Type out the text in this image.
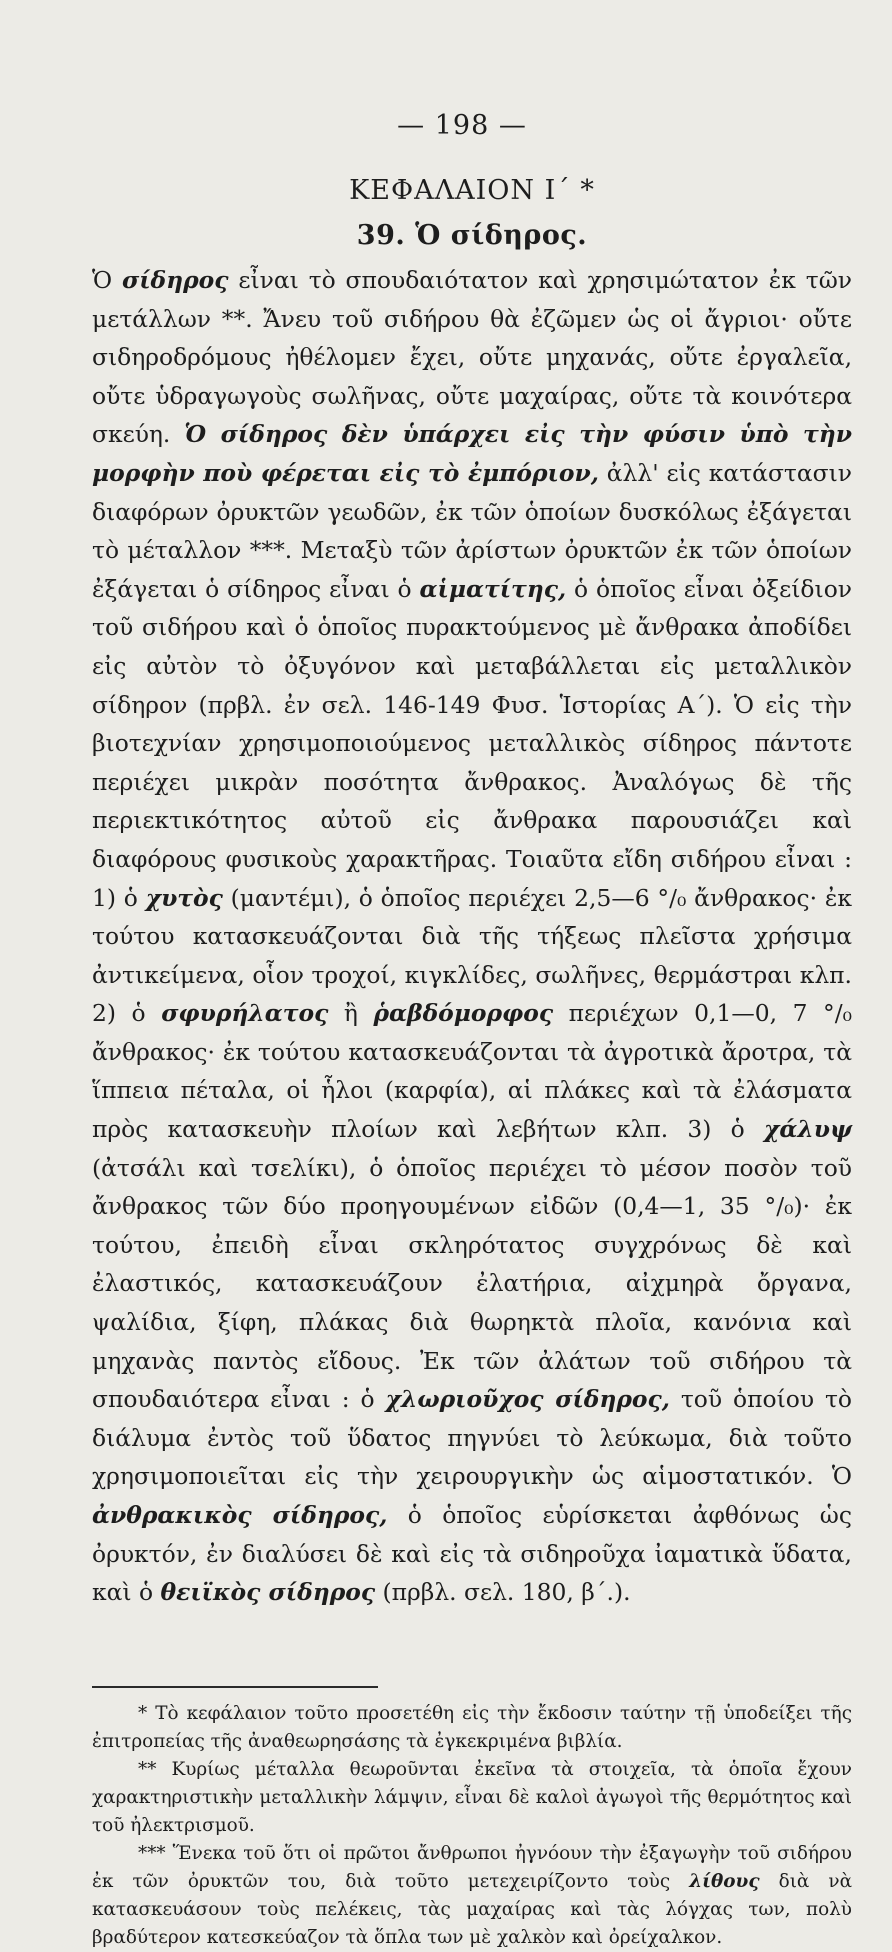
— 198 —
ΚΕΦΑΛΑΙΟΝ Ι΄ *
39. Ὁ σίδηρος.

Ὁ σίδηρος εἶναι τὸ σπουδαιότατον καὶ χρησιμώτατον ἐκ τῶν μετάλλων **. Ἄνευ τοῦ σιδήρου θὰ ἐζῶμεν ὡς οἱ ἄγριοι· οὔτε σιδηροδρόμους ἠθέλομεν ἔχει, οὔτε μηχανάς, οὔτε ἐργαλεῖα, οὔτε ὑδραγωγοὺς σωλῆνας, οὔτε μαχαίρας, οὔτε τὰ κοινότερα σκεύη. Ὁ σίδηρος δὲν ὑπάρχει εἰς τὴν φύσιν ὑπὸ τὴν μορφὴν ποὺ φέρεται εἰς τὸ ἐμπόριον, ἀλλ' εἰς κατάστασιν διαφόρων ὀρυκτῶν γεωδῶν, ἐκ τῶν ὁποίων δυσκόλως ἐξάγεται τὸ μέταλλον ***. Μεταξὺ τῶν ἀρίστων ὀρυκτῶν ἐκ τῶν ὁποίων ἐξάγεται ὁ σίδηρος εἶναι ὁ αἱματίτης, ὁ ὁποῖος εἶναι ὀξείδιον τοῦ σιδήρου καὶ ὁ ὁποῖος πυρακτούμενος μὲ ἄνθρακα ἀποδίδει εἰς αὐτὸν τὸ ὀξυγόνον καὶ μεταβάλλεται εἰς μεταλλικὸν σίδηρον (πρβλ. ἐν σελ. 146-149 Φυσ. Ἱστορίας Α΄). Ὁ εἰς τὴν βιοτεχνίαν χρησιμοποιούμενος μεταλλικὸς σίδηρος πάντοτε περιέχει μικρὰν ποσότητα ἄνθρακος. Ἀναλόγως δὲ τῆς περιεκτικότητος αὐτοῦ εἰς ἄνθρακα παρουσιάζει καὶ διαφόρους φυσικοὺς χαρακτῆρας. Τοιαῦτα εἴδη σιδήρου εἶναι : 1) ὁ χυτὸς (μαντέμι), ὁ ὁποῖος περιέχει 2,5—6 °/₀ ἄνθρακος· ἐκ τούτου κατασκευάζονται διὰ τῆς τήξεως πλεῖστα χρήσιμα ἀντικείμενα, οἷον τροχοί, κιγκλίδες, σωλῆνες, θερμάστραι κλπ. 2) ὁ σφυρήλατος ἢ ῥαβδόμορφος περιέχων 0,1—0, 7 °/₀ ἄνθρακος· ἐκ τούτου κατασκευάζονται τὰ ἀγροτικὰ ἄροτρα, τὰ ἵππεια πέταλα, οἱ ἧλοι (καρφία), αἱ πλάκες καὶ τὰ ἐλάσματα πρὸς κατασκευὴν πλοίων καὶ λεβήτων κλπ. 3) ὁ χάλυψ (ἀτσάλι καὶ τσελίκι), ὁ ὁποῖος περιέχει τὸ μέσον ποσὸν τοῦ ἄνθρακος τῶν δύο προηγουμένων εἰδῶν (0,4—1, 35 °/₀)· ἐκ τούτου, ἐπειδὴ εἶναι σκληρότατος συγχρόνως δὲ καὶ ἐλαστικός, κατασκευάζουν ἐλατήρια, αἰχμηρὰ ὄργανα, ψαλίδια, ξίφη, πλάκας διὰ θωρηκτὰ πλοῖα, κανόνια καὶ μηχανὰς παντὸς εἴδους. Ἐκ τῶν ἀλάτων τοῦ σιδήρου τὰ σπουδαιότερα εἶναι : ὁ χλωριοῦχος σίδηρος, τοῦ ὁποίου τὸ διάλυμα ἐντὸς τοῦ ὕδατος πηγνύει τὸ λεύκωμα, διὰ τοῦτο χρησιμοποιεῖται εἰς τὴν χειρουργικὴν ὡς αἱμοστατικόν. Ὁ ἀνθρακικὸς σίδηρος, ὁ ὁποῖος εὑρίσκεται ἀφθόνως ὡς ὀρυκτόν, ἐν διαλύσει δὲ καὶ εἰς τὰ σιδηροῦχα ἰαματικὰ ὕδατα, καὶ ὁ θειϊκὸς σίδηρος (πρβλ. σελ. 180, β΄.).

* Τὸ κεφάλαιον τοῦτο προσετέθη εἰς τὴν ἔκδοσιν ταύτην τῇ ὑποδείξει τῆς ἐπιτροπείας τῆς ἀναθεωρησάσης τὰ ἐγκεκριμένα βιβλία.

** Κυρίως μέταλλα θεωροῦνται ἐκεῖνα τὰ στοιχεῖα, τὰ ὁποῖα ἔχουν χαρακτηριστικὴν μεταλλικὴν λάμψιν, εἶναι δὲ καλοὶ ἀγωγοὶ τῆς θερμότητος καὶ τοῦ ἠλεκτρισμοῦ.

*** Ἕνεκα τοῦ ὅτι οἱ πρῶτοι ἄνθρωποι ἠγνόουν τὴν ἐξαγωγὴν τοῦ σιδήρου ἐκ τῶν ὀρυκτῶν του, διὰ τοῦτο μετεχειρίζοντο τοὺς λίθους διὰ νὰ κατασκευάσουν τοὺς πελέκεις, τὰς μαχαίρας καὶ τὰς λόγχας των, πολὺ βραδύτερον κατεσκεύαζον τὰ ὅπλα των μὲ χαλκὸν καὶ ὀρείχαλκον.
